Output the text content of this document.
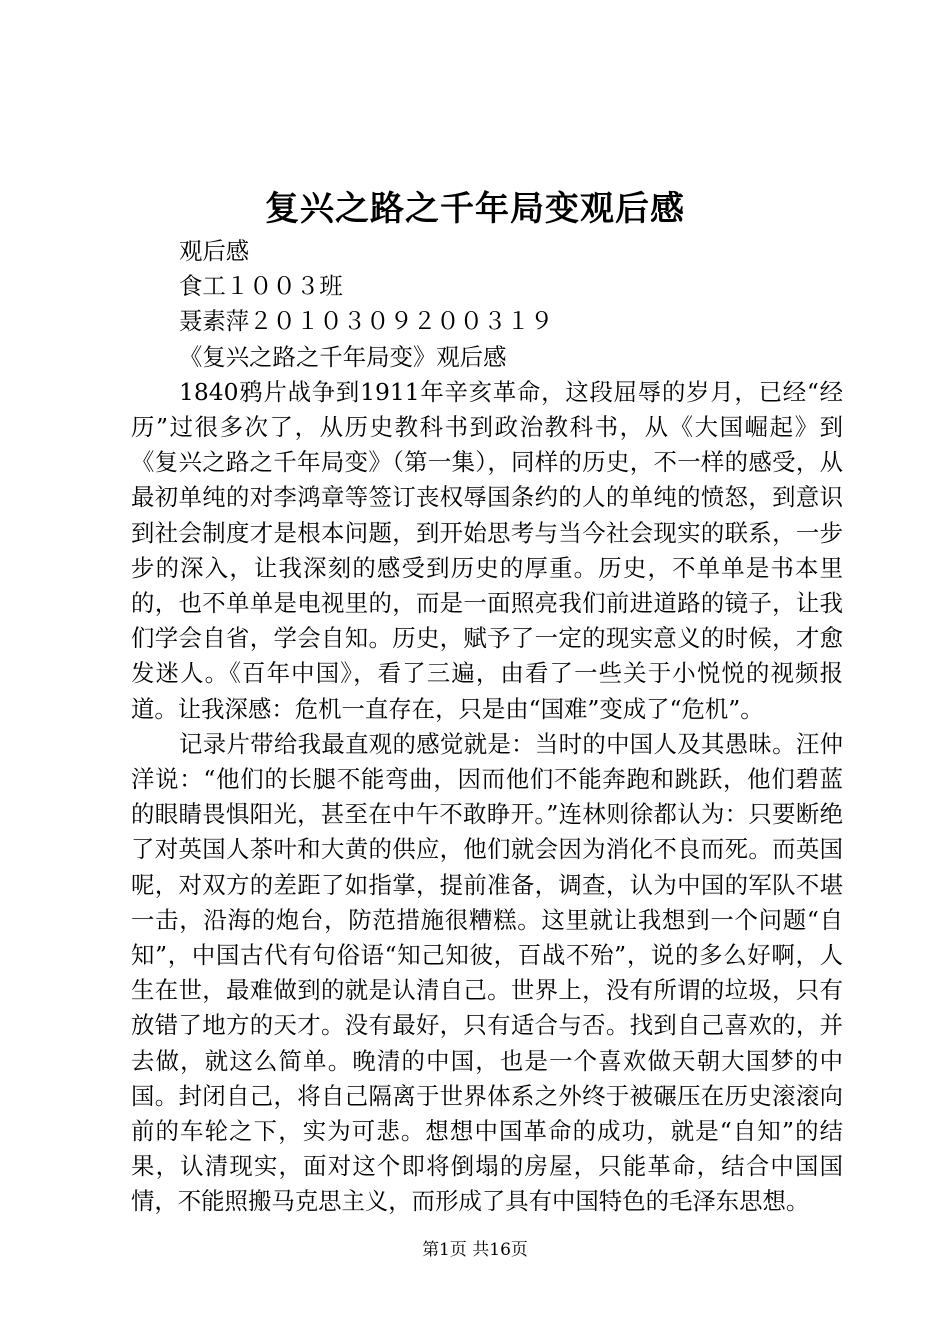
复兴之路之千年局变观后感

观后感

食工１００３班

聂素萍２０１０３０９２００３１９

《复兴之路之千年局变》观后感

1840鸦片战争到1911年辛亥革命，这段屈辱的岁月，已经“经历”过很多次了，从历史教科书到政治教科书，从《大国崛起》到《复兴之路之千年局变》（第一集），同样的历史，不一样的感受，从最初单纯的对李鸿章等签订丧权辱国条约的人的单纯的愤怒，到意识到社会制度才是根本问题，到开始思考与当今社会现实的联系，一步步的深入，让我深刻的感受到历史的厚重。历史，不单单是书本里的，也不单单是电视里的，而是一面照亮我们前进道路的镜子，让我们学会自省，学会自知。历史，赋予了一定的现实意义的时候，才愈发迷人。《百年中国》，看了三遍，由看了一些关于小悦悦的视频报道。让我深感：危机一直存在，只是由“国难”变成了“危机”。

记录片带给我最直观的感觉就是：当时的中国人及其愚昧。汪仲洋说：“他们的长腿不能弯曲，因而他们不能奔跑和跳跃，他们碧蓝的眼睛畏惧阳光，甚至在中午不敢睁开。”连林则徐都认为：只要断绝了对英国人茶叶和大黄的供应，他们就会因为消化不良而死。而英国呢，对双方的差距了如指掌，提前准备，调查，认为中国的军队不堪一击，沿海的炮台，防范措施很糟糕。这里就让我想到一个问题“自知”，中国古代有句俗语“知己知彼，百战不殆”，说的多么好啊，人生在世，最难做到的就是认清自己。世界上，没有所谓的垃圾，只有放错了地方的天才。没有最好，只有适合与否。找到自己喜欢的，并去做，就这么简单。晚清的中国，也是一个喜欢做天朝大国梦的中国。封闭自己，将自己隔离于世界体系之外终于被碾压在历史滚滚向前的车轮之下，实为可悲。想想中国革命的成功，就是“自知”的结果，认清现实，面对这个即将倒塌的房屋，只能革命，结合中国国情，不能照搬马克思主义，而形成了具有中国特色的毛泽东思想。

第1页 共16页
